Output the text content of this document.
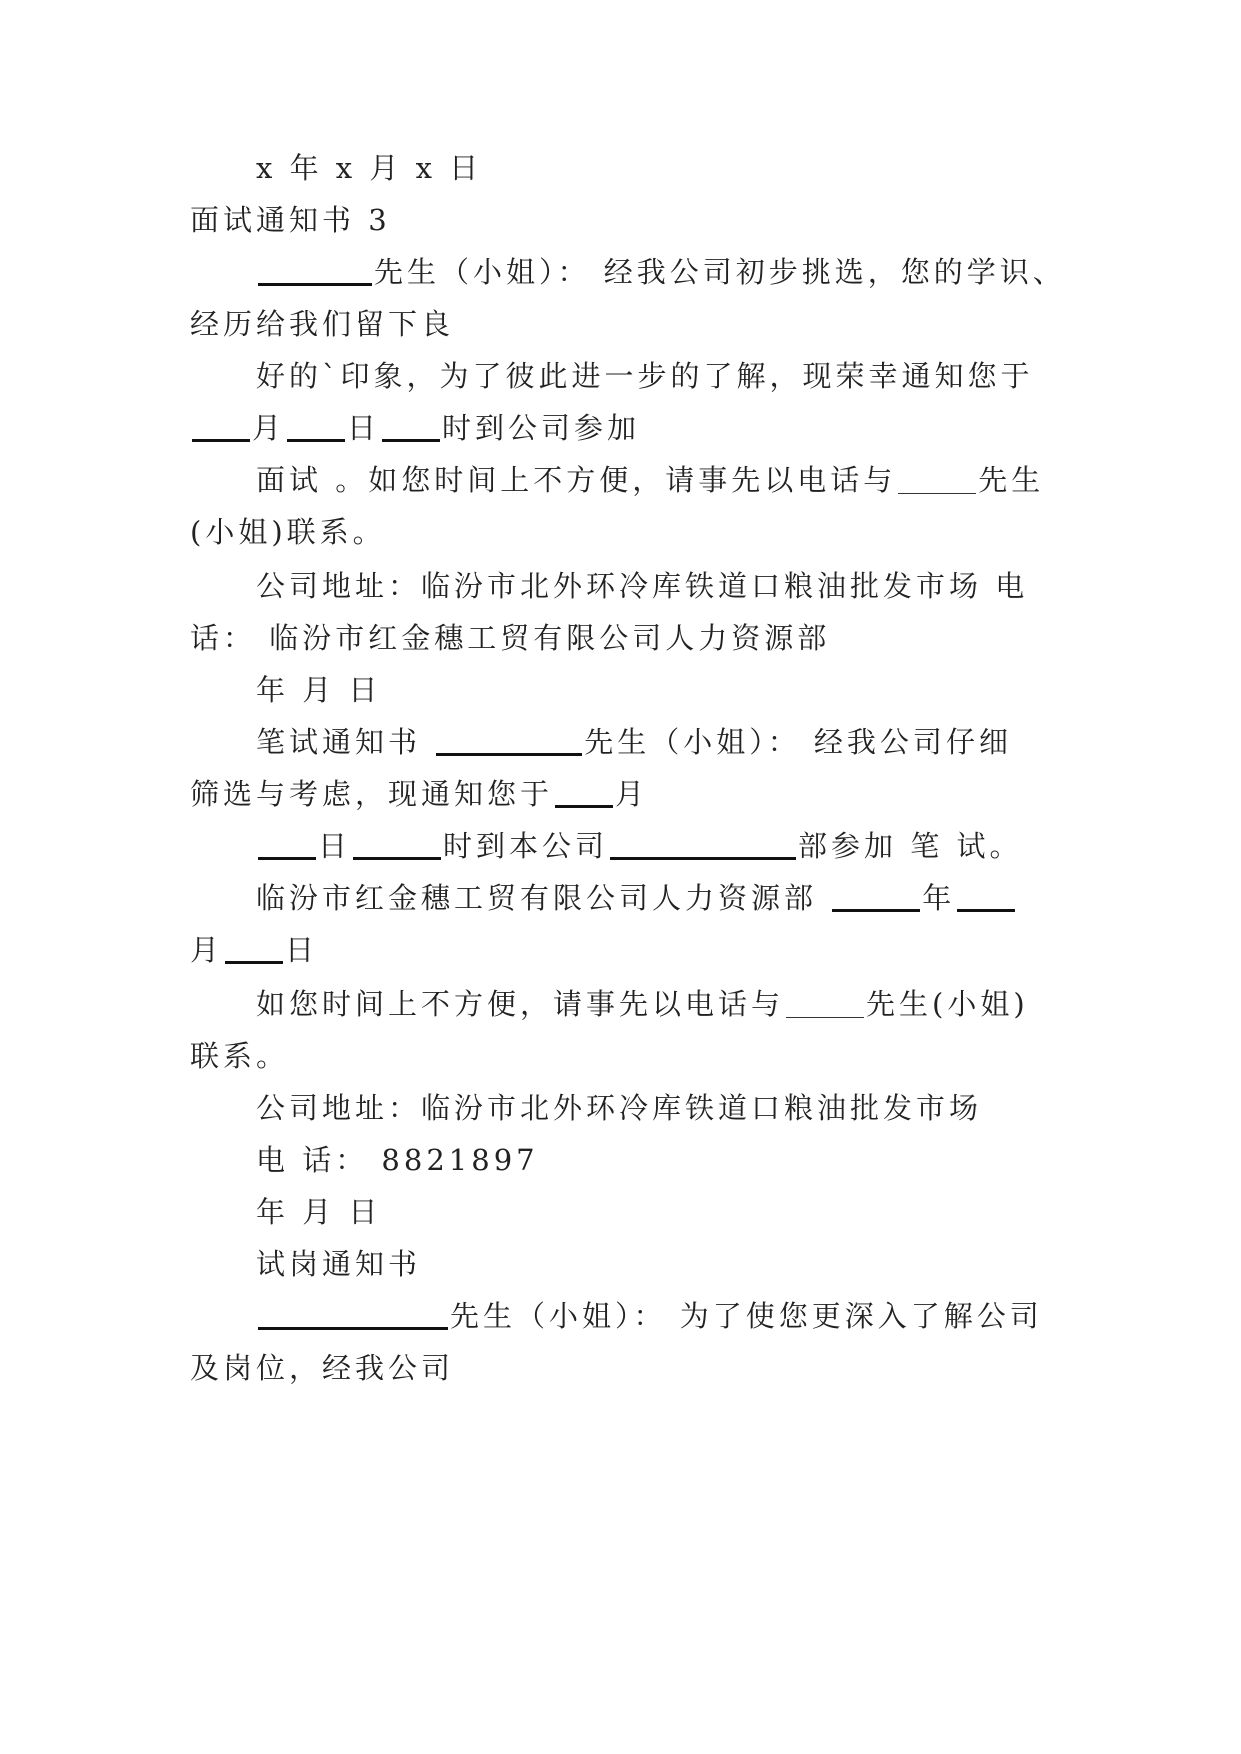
x 年 x 月 x 日
面试通知书 3
先生（小姐）： 经我公司初步挑选，您的学识、
经历给我们留下良
好的`印象，为了彼此进一步的了解，现荣幸通知您于
月 日 时到公司参加
面试 。如您时间上不方便，请事先以电话与	先生
(小姐)联系。
公司地址：临汾市北外环冷库铁道口粮油批发市场 电
话： 临汾市红金穗工贸有限公司人力资源部
年 月 日
笔试通知书	先生（小姐）： 经我公司仔细
筛选与考虑，现通知您于 月
日	时到本公司	部参加 笔 试。
临汾市红金穗工贸有限公司人力资源部	年
月 日
如您时间上不方便，请事先以电话与	先生(小姐)
联系。
公司地址：临汾市北外环冷库铁道口粮油批发市场
电 话： 8821897
年 月 日
试岗通知书
先生（小姐）： 为了使您更深入了解公司
及岗位，经我公司
